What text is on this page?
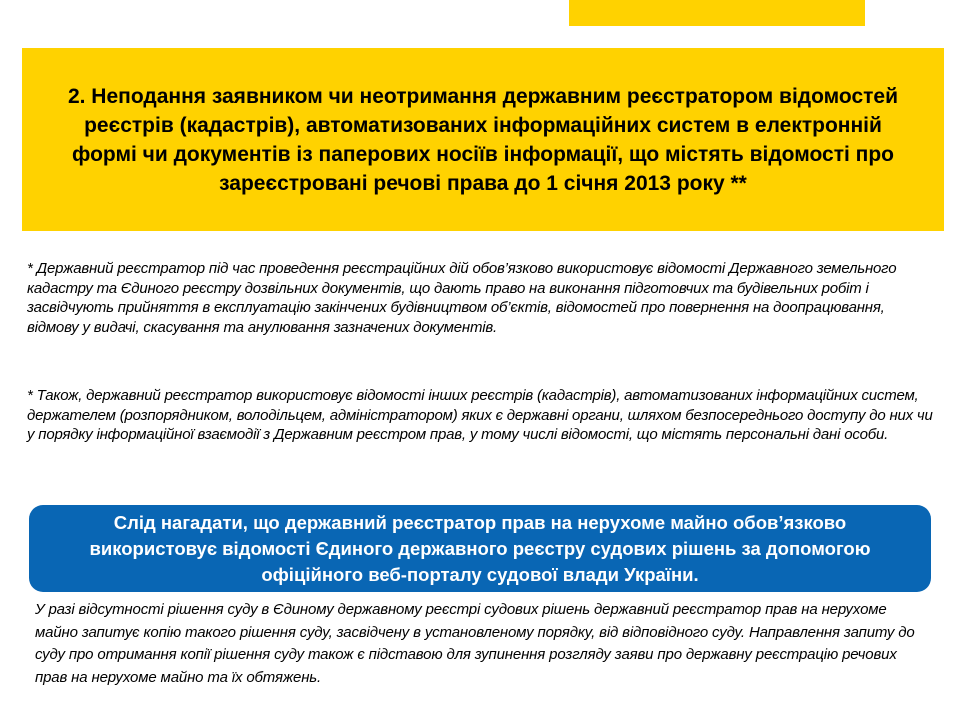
2. Неподання заявником чи неотримання державним реєстратором відомостей реєстрів (кадастрів), автоматизованих інформаційних систем в електронній формі чи документів із паперових носіїв інформації, що містять відомості про зареєстровані речові права до 1 січня 2013 року **

* Державний реєстратор під час проведення реєстраційних дій обов’язково використовує відомості Державного земельного кадастру та Єдиного реєстру дозвільних документів, що дають право на виконання підготовчих та будівельних робіт і засвідчують прийняття в експлуатацію закінчених будівництвом об’єктів, відомостей про повернення на доопрацювання, відмову у видачі, скасування та анулювання зазначених документів.

* Також, державний реєстратор використовує відомості інших реєстрів (кадастрів), автоматизованих інформаційних систем, держателем (розпорядником, володільцем, адміністратором) яких є державні органи, шляхом безпосереднього доступу до них чи у порядку інформаційної взаємодії з Державним реєстром прав, у тому числі відомості, що містять персональні дані особи.

Слід нагадати, що державний реєстратор прав на нерухоме майно обов’язково використовує відомості Єдиного державного реєстру судових рішень за допомогою офіційного веб-порталу судової влади України.

У разі відсутності рішення суду в Єдиному державному реєстрі судових рішень державний реєстратор прав на нерухоме майно запитує копію такого рішення суду, засвідчену в установленому порядку, від відповідного суду. Направлення запиту до суду про отримання копії рішення суду також є підставою для зупинення розгляду заяви про державну реєстрацію речових прав на нерухоме майно та їх обтяжень.
